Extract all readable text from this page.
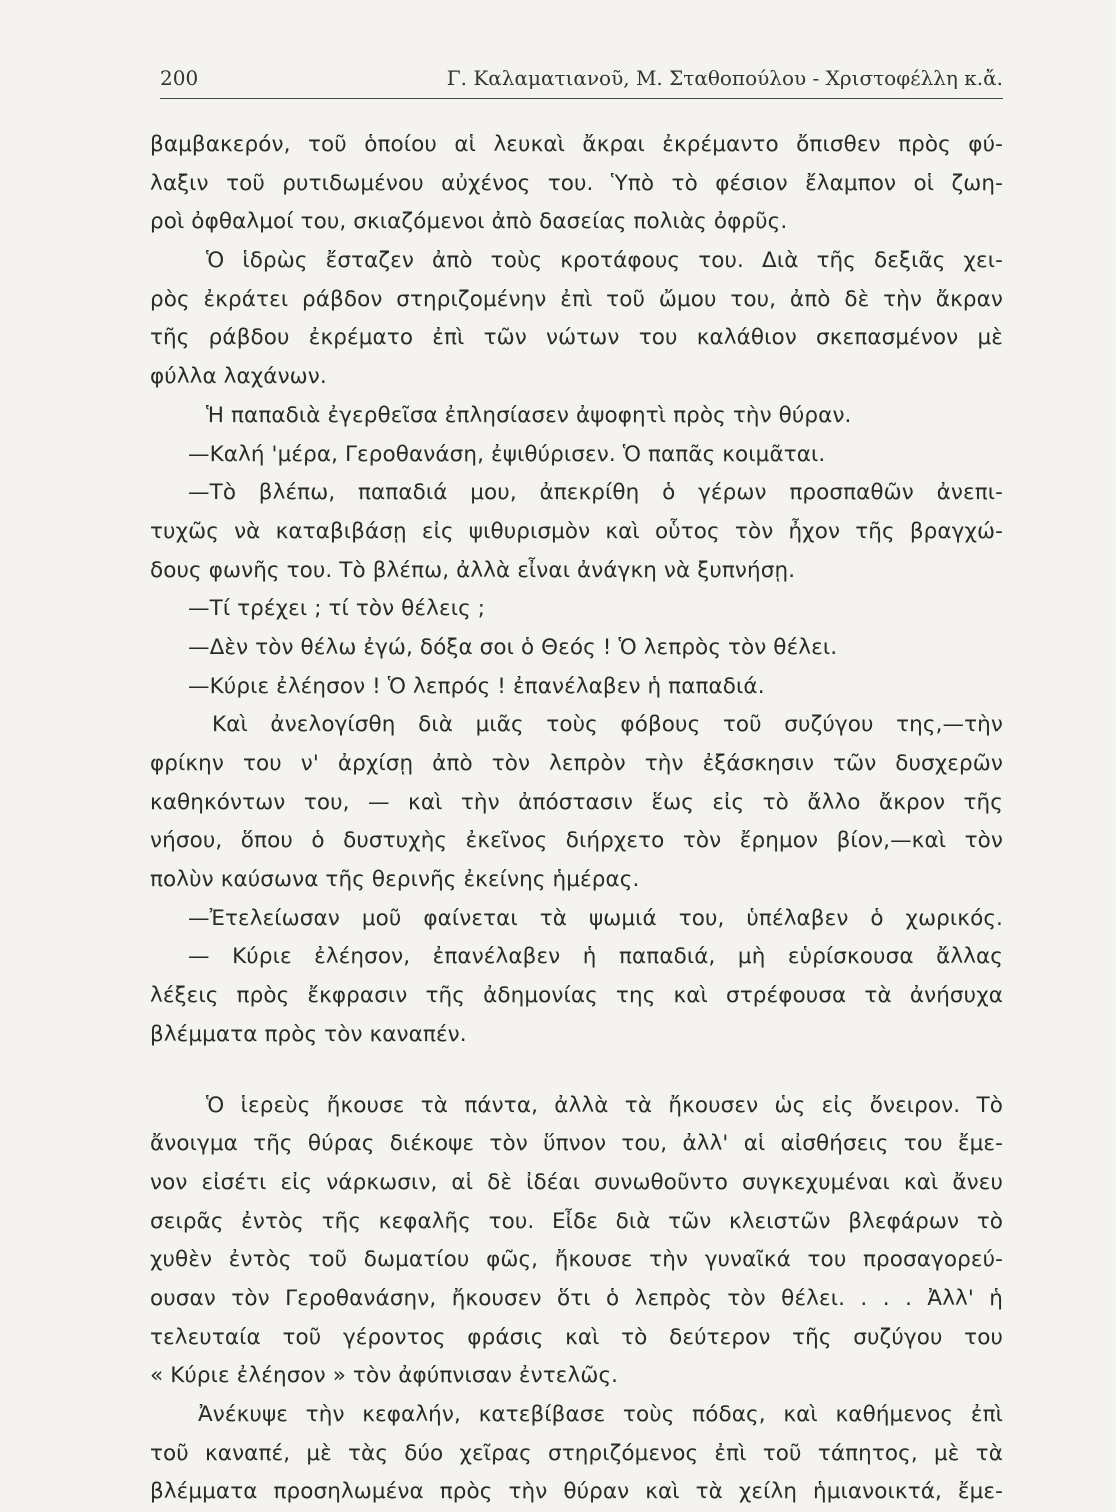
200	Γ. Καλαματιανοῦ, Μ. Σταθοπούλου - Χριστοφέλλη κ.ἄ.
βαμβακερόν, τοῦ ὁποίου αἱ λευκαὶ ἄκραι ἐκρέμαντο ὄπισθεν πρὸς φύ-
λαξιν τοῦ ρυτιδωμένου αὐχένος του. Ὑπὸ τὸ φέσιον ἔλαμπον οἱ ζωη-
ροὶ ὀφθαλμοί του, σκιαζόμενοι ἀπὸ δασείας πολιὰς ὀφρῦς.
Ὁ ἱδρὼς ἔσταζεν ἀπὸ τοὺς κροτάφους του. Διὰ τῆς δεξιᾶς χει-
ρὸς ἐκράτει ράβδον στηριζομένην ἐπὶ τοῦ ὤμου του, ἀπὸ δὲ τὴν ἄκραν
τῆς ράβδου ἐκρέματο ἐπὶ τῶν νώτων του καλάθιον σκεπασμένον μὲ
φύλλα λαχάνων.
Ἡ παπαδιὰ ἐγερθεῖσα ἐπλησίασεν ἀψοφητὶ πρὸς τὴν θύραν.
—Καλή 'μέρα, Γεροθανάση, ἐψιθύρισεν. Ὁ παπᾶς κοιμᾶται.
—Τὸ βλέπω, παπαδιά μου, ἀπεκρίθη ὁ γέρων προσπαθῶν ἀνεπι-
τυχῶς νὰ καταβιβάσῃ εἰς ψιθυρισμὸν καὶ οὗτος τὸν ἦχον τῆς βραγχώ-
δους φωνῆς του. Τὸ βλέπω, ἀλλὰ εἶναι ἀνάγκη νὰ ξυπνήσῃ.
—Τί τρέχει ; τί τὸν θέλεις ;
—Δὲν τὸν θέλω ἐγώ, δόξα σοι ὁ Θεός ! Ὁ λεπρὸς τὸν θέλει.
—Κύριε ἐλέησον ! Ὁ λεπρός ! ἐπανέλαβεν ἡ παπαδιά.
Καὶ ἀνελογίσθη διὰ μιᾶς τοὺς φόβους τοῦ συζύγου της,—τὴν
φρίκην του ν' ἀρχίσῃ ἀπὸ τὸν λεπρὸν τὴν ἐξάσκησιν τῶν δυσχερῶν
καθηκόντων του, — καὶ τὴν ἀπόστασιν ἕως εἰς τὸ ἄλλο ἄκρον τῆς
νήσου, ὅπου ὁ δυστυχὴς ἐκεῖνος διήρχετο τὸν ἔρημον βίον,—καὶ τὸν
πολὺν καύσωνα τῆς θερινῆς ἐκείνης ἡμέρας.
—Ἐτελείωσαν μοῦ φαίνεται τὰ ψωμιά του, ὑπέλαβεν ὁ χωρικός.
— Κύριε ἐλέησον, ἐπανέλαβεν ἡ παπαδιά, μὴ εὑρίσκουσα ἄλλας
λέξεις πρὸς ἔκφρασιν τῆς ἀδημονίας της καὶ στρέφουσα τὰ ἀνήσυχα
βλέμματα πρὸς τὸν καναπέν.
Ὁ ἱερεὺς ἤκουσε τὰ πάντα, ἀλλὰ τὰ ἤκουσεν ὡς εἰς ὄνειρον. Τὸ
ἄνοιγμα τῆς θύρας διέκοψε τὸν ὕπνον του, ἀλλ' αἱ αἰσθήσεις του ἔμε-
νον εἰσέτι εἰς νάρκωσιν, αἱ δὲ ἰδέαι συνωθοῦντο συγκεχυμέναι καὶ ἄνευ
σειρᾶς ἐντὸς τῆς κεφαλῆς του. Εἶδε διὰ τῶν κλειστῶν βλεφάρων τὸ
χυθὲν ἐντὸς τοῦ δωματίου φῶς, ἤκουσε τὴν γυναῖκά του προσαγορεύ-
ουσαν τὸν Γεροθανάσην, ἤκουσεν ὅτι ὁ λεπρὸς τὸν θέλει. . . . Ἀλλ' ἡ
τελευταία τοῦ γέροντος φράσις καὶ τὸ δεύτερον τῆς συζύγου του
« Κύριε ἐλέησον » τὸν ἀφύπνισαν ἐντελῶς.
Ἀνέκυψε τὴν κεφαλήν, κατεβίβασε τοὺς πόδας, καὶ καθήμενος ἐπὶ
τοῦ καναπέ, μὲ τὰς δύο χεῖρας στηριζόμενος ἐπὶ τοῦ τάπητος, μὲ τὰ
βλέμματα προσηλωμένα πρὸς τὴν θύραν καὶ τὰ χείλη ἡμιανοικτά, ἔμε-
